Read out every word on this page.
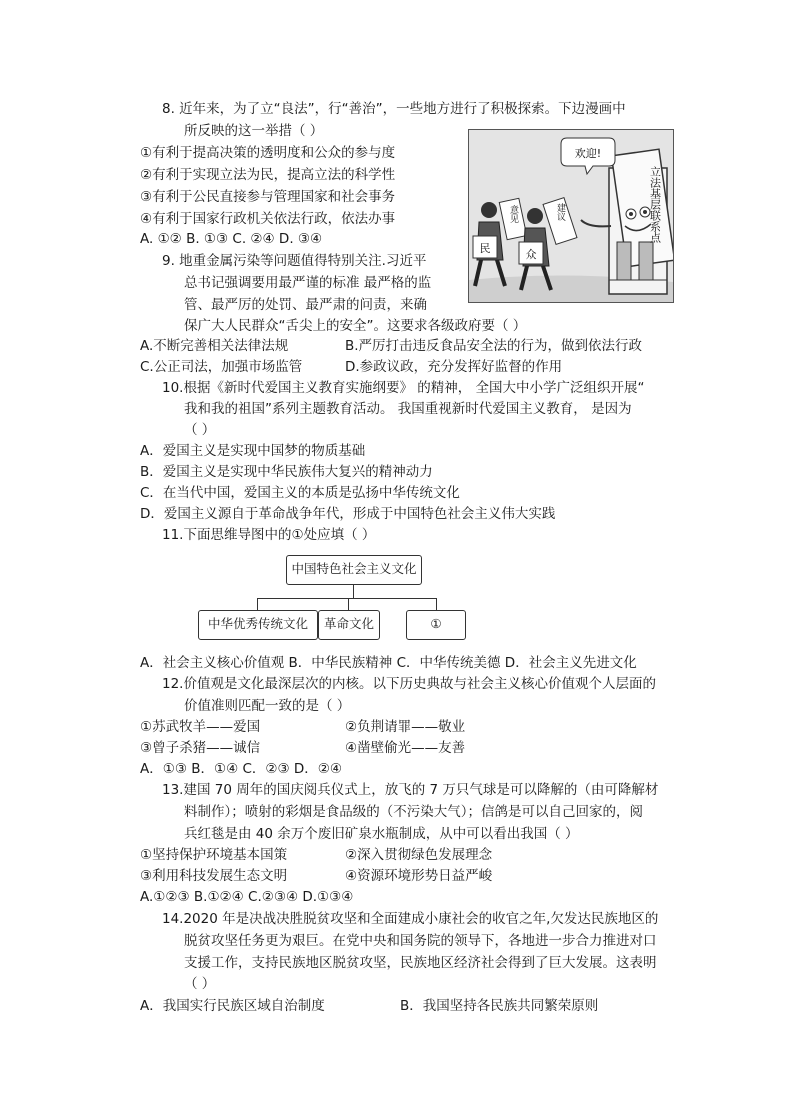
8. 近年来，为了立“良法”，行“善治”，一些地方进行了积极探索。下边漫画中
所反映的这一举措（ ）
①有利于提高决策的透明度和公众的参与度
②有利于实现立法为民，提高立法的科学性
③有利于公民直接参与管理国家和社会事务
④有利于国家行政机关依法行政，依法办事
A. ①② B. ①③ C. ②④ D. ③④	立法基层联系点
欢迎!
民
意见
众
建议
9. 地重金属污染等问题值得特别关注.习近平
总书记强调要用最严谨的标准 最严格的监
管、最严厉的处罚、最严肃的问责，来确
保广大人民群众“舌尖上的安全”。这要求各级政府要（ ）
A.不断完善相关法律法规	B.严厉打击违反食品安全法的行为，做到依法行政
C.公正司法，加强市场监管	D.参政议政，充分发挥好监督的作用
10.根据《新时代爱国主义教育实施纲要》 的精神， 全国大中小学广泛组织开展“
我和我的祖国”系列主题教育活动。 我国重视新时代爱国主义教育， 是因为
（ ）
A．爱国主义是实现中国梦的物质基础
B．爱国主义是实现中华民族伟大复兴的精神动力
C．在当代中国，爱国主义的本质是弘扬中华传统文化
D．爱国主义源自于革命战争年代，形成于中国特色社会主义伟大实践
11.下面思维导图中的①处应填（ ）
中国特色社会主义文化
中华优秀传统文化	革命文化	①
A．社会主义核心价值观 B．中华民族精神 C．中华传统美德 D．社会主义先进文化
12.价值观是文化最深层次的内核。以下历史典故与社会主义核心价值观个人层面的
价值准则匹配一致的是（ ）
①苏武牧羊——爱国	②负荆请罪——敬业
③曾子杀猪——诚信	④凿壁偷光——友善
A．①③ B．①④ C．②③ D．②④
13.建国 70 周年的国庆阅兵仪式上，放飞的 7 万只气球是可以降解的（由可降解材
料制作）；喷射的彩烟是食品级的（不污染大气）；信鸽是可以自己回家的，阅
兵红毯是由 40 余万个废旧矿泉水瓶制成，从中可以看出我国（ ）
①坚持保护环境基本国策	②深入贯彻绿色发展理念
③利用科技发展生态文明	④资源环境形势日益严峻
A.①②③ B.①②④ C.②③④ D.①③④
14.2020 年是决战决胜脱贫攻坚和全面建成小康社会的收官之年,欠发达民族地区的
脱贫攻坚任务更为艰巨。在党中央和国务院的领导下，各地进一步合力推进对口
支援工作，支持民族地区脱贫攻坚，民族地区经济社会得到了巨大发展。这表明
（ ）
A．我国实行民族区域自治制度	B．我国坚持各民族共同繁荣原则
